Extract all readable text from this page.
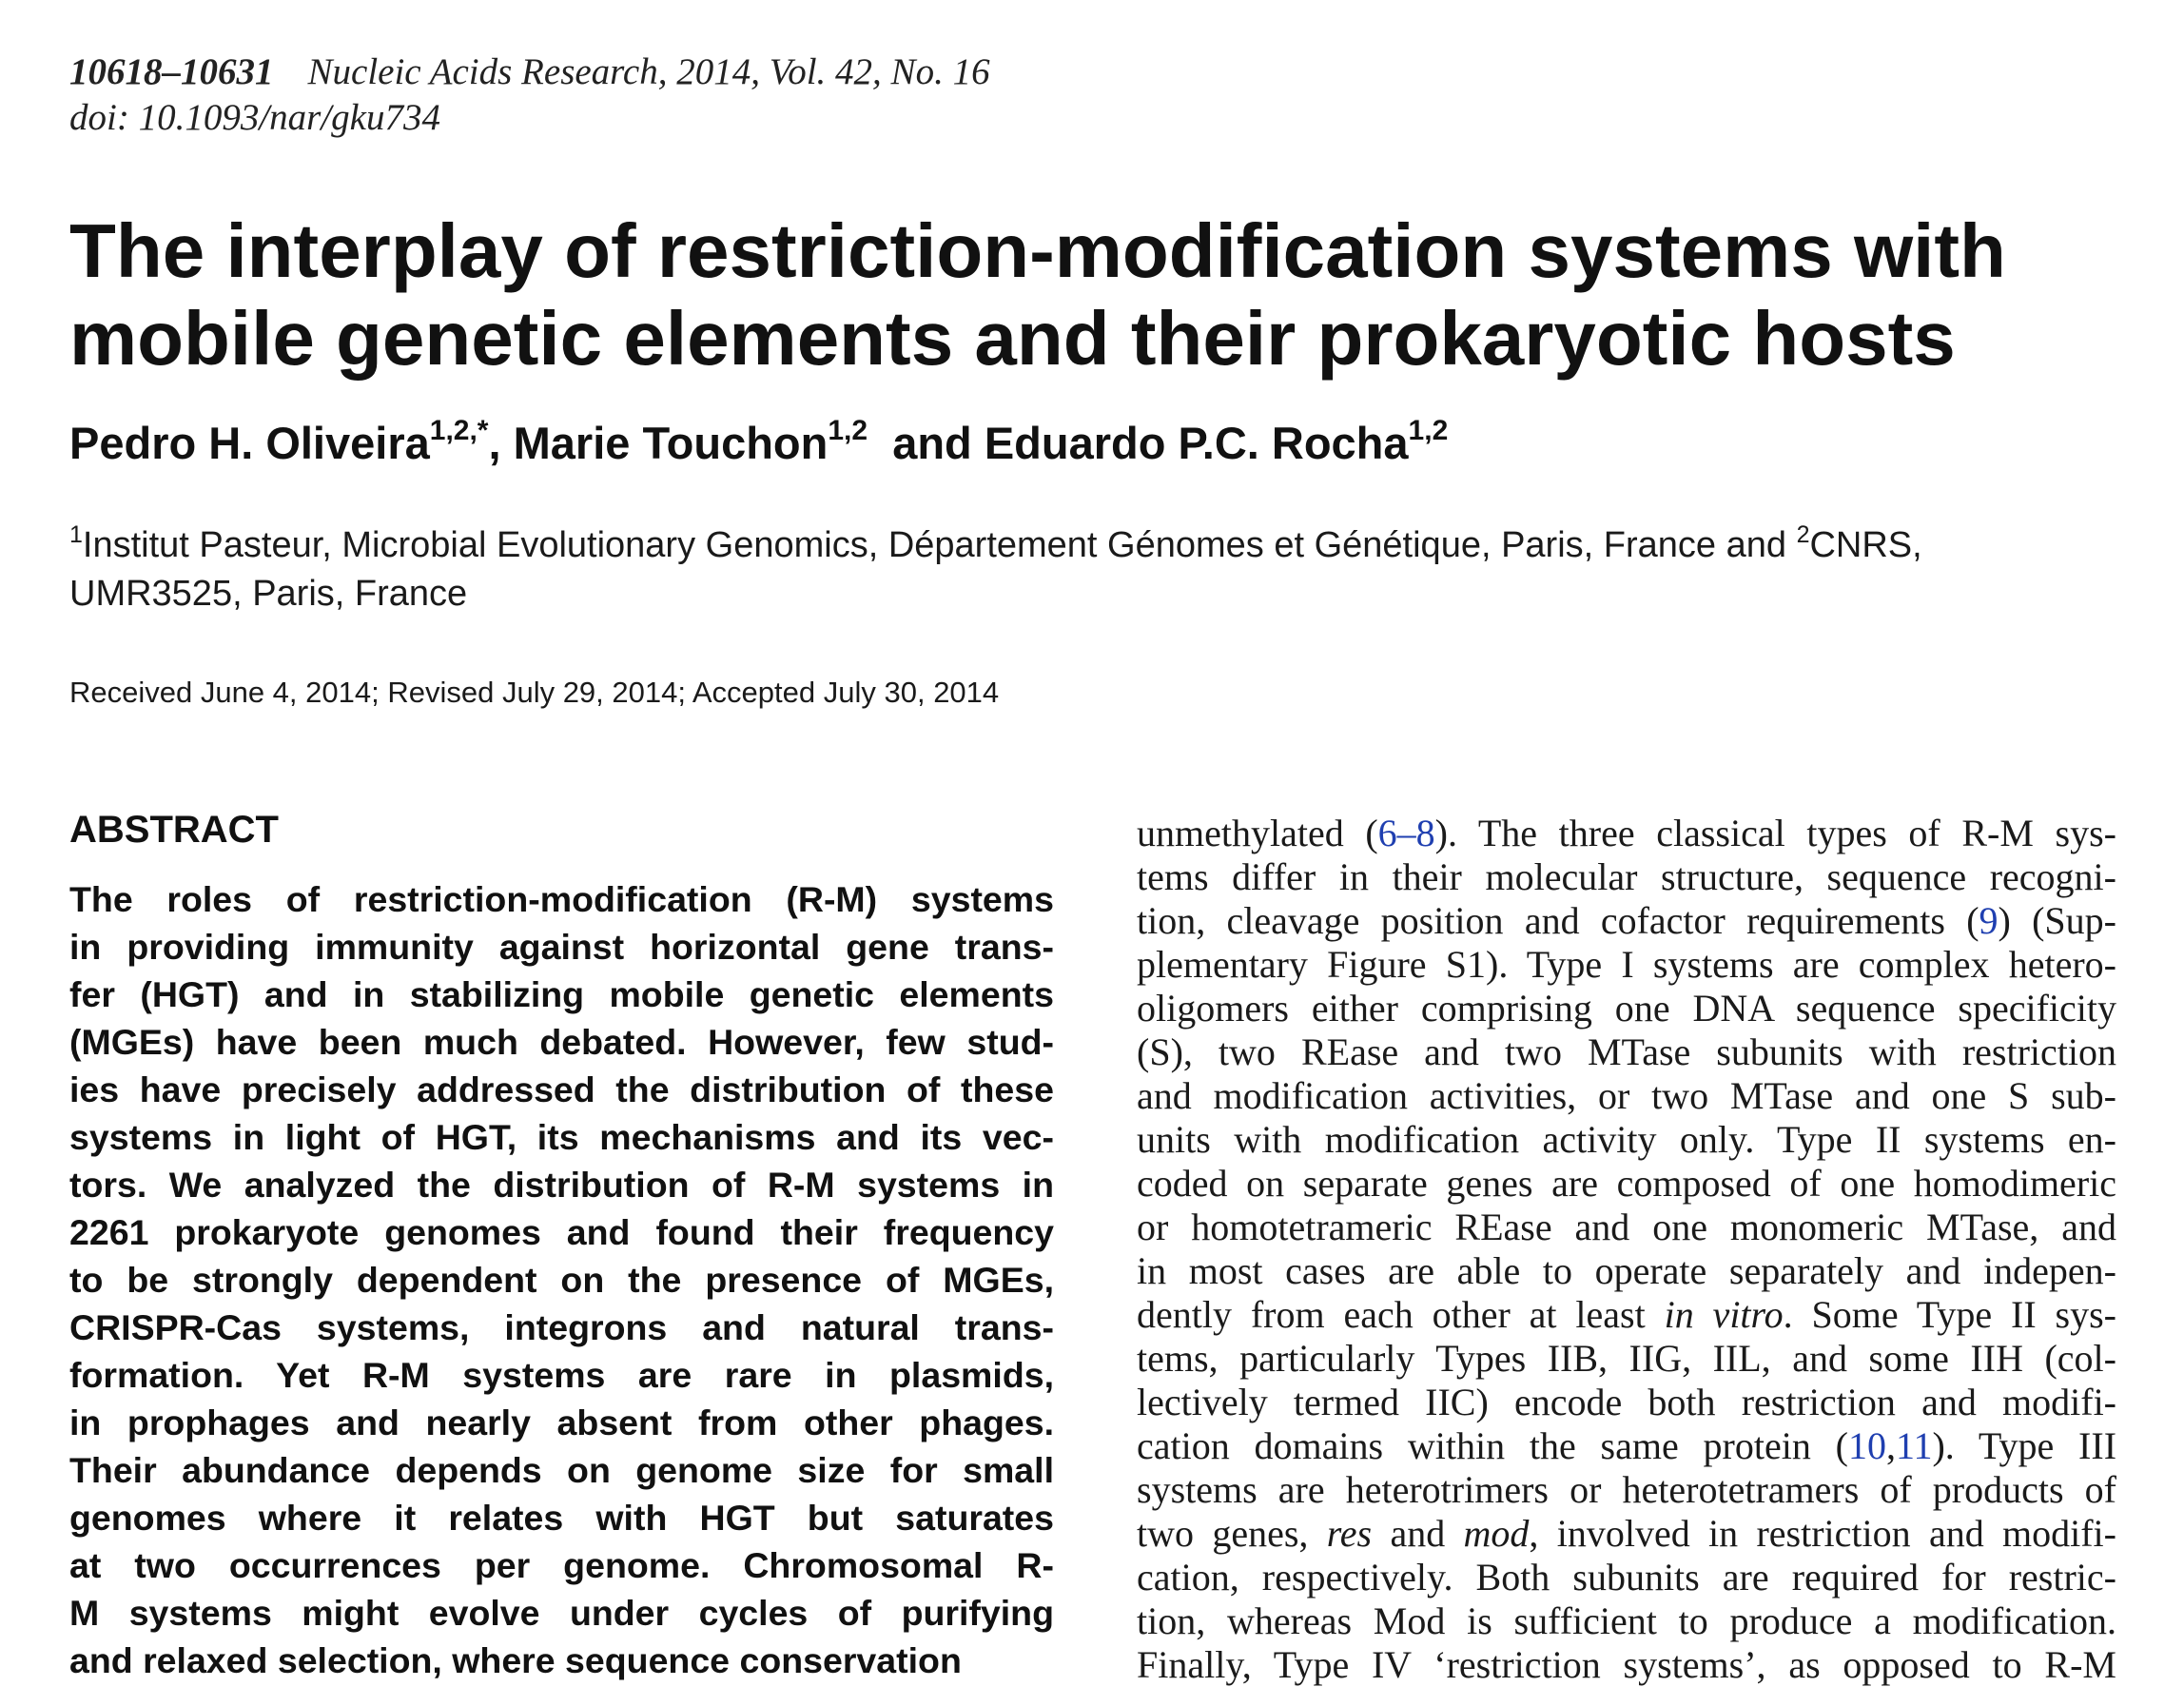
10618–10631 Nucleic Acids Research, 2014, Vol. 42, No. 16
doi: 10.1093/nar/gku734
The interplay of restriction-modification systems with
mobile genetic elements and their prokaryotic hosts
Pedro H. Oliveira$^{1,2,*}$, Marie Touchon$^{1,2}$  and Eduardo P.C. Rocha$^{1,2}$
$^1$Institut Pasteur, Microbial Evolutionary Genomics, Département Génomes et Génétique, Paris, France and $^2$CNRS,
UMR3525, Paris, France
Received June 4, 2014; Revised July 29, 2014; Accepted July 30, 2014
ABSTRACT
The roles of restriction-modification (R-M) systems
in providing immunity against horizontal gene trans-
fer (HGT) and in stabilizing mobile genetic elements
(MGEs) have been much debated. However, few stud-
ies have precisely addressed the distribution of these
systems in light of HGT, its mechanisms and its vec-
tors. We analyzed the distribution of R-M systems in
2261 prokaryote genomes and found their frequency
to be strongly dependent on the presence of MGEs,
CRISPR-Cas systems, integrons and natural trans-
formation. Yet R-M systems are rare in plasmids,
in prophages and nearly absent from other phages.
Their abundance depends on genome size for small
genomes where it relates with HGT but saturates
at two occurrences per genome. Chromosomal R-
M systems might evolve under cycles of purifying
and relaxed selection, where sequence conservation
unmethylated (6–8). The three classical types of R-M sys-
tems differ in their molecular structure, sequence recogni-
tion, cleavage position and cofactor requirements (9) (Sup-
plementary Figure S1). Type I systems are complex hetero-
oligomers either comprising one DNA sequence specificity
(S), two REase and two MTase subunits with restriction
and modification activities, or two MTase and one S sub-
units with modification activity only. Type II systems en-
coded on separate genes are composed of one homodimeric
or homotetrameric REase and one monomeric MTase, and
in most cases are able to operate separately and indepen-
dently from each other at least in vitro. Some Type II sys-
tems, particularly Types IIB, IIG, IIL, and some IIH (col-
lectively termed IIC) encode both restriction and modifi-
cation domains within the same protein (10,11). Type III
systems are heterotrimers or heterotetramers of products of
two genes, res and mod, involved in restriction and modifi-
cation, respectively. Both subunits are required for restric-
tion, whereas Mod is sufficient to produce a modification.
Finally, Type IV ‘restriction systems’, as opposed to R-M
